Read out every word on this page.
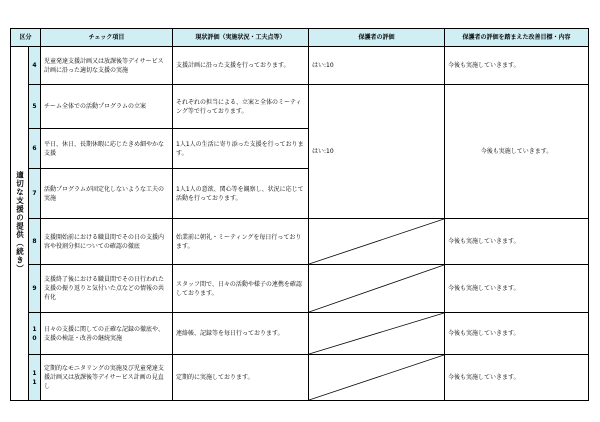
区分		チェック項目	現状評価（実施状況・工夫点等）	保護者の評価	保護者の評価を踏まえた改善目標・内容
適切な支援の提供（続き）	4	児童発達支援計画又は放課後等デイサービス計画に沿った適切な支援の実施	支援計画に沿った支援を行っております。	はい:10	今後も実施していきます。
	5	チーム全体での活動プログラムの立案	それぞれの担当による、立案と全体のミーティング等で行っております。	はい:10	今後も実施していきます。
	6	平日、休日、長期休暇に応じたきめ細やかな支援	1人1人の生活に寄り添った支援を行っております。		
	7	活動プログラムが固定化しないような工夫の実施	1人1人の意欲、関心等を観察し、状況に応じて活動を行っております。		
	8	支援開始前における職員間でその日の支援内容や役割分担についての確認の徹底	始業前に朝礼・ミーティングを毎日行っております。		今後も実施していきます。
	9	支援終了後における職員間でその日行われた支援の振り返りと気付いた点などの情報の共有化	スタッフ間で、日々の活動や様子の連携を確認しております。		今後も実施していきます。
	10	日々の支援に関しての正確な記録の徹底や、支援の検証・改善の継続実施	連絡帳、記録等を毎日行っております。		今後も実施していきます。
	11	定期的なモニタリングの実施及び児童発達支援計画又は放課後等デイサービス計画の見直し	定期的に実施しております。		今後も実施していきます。
